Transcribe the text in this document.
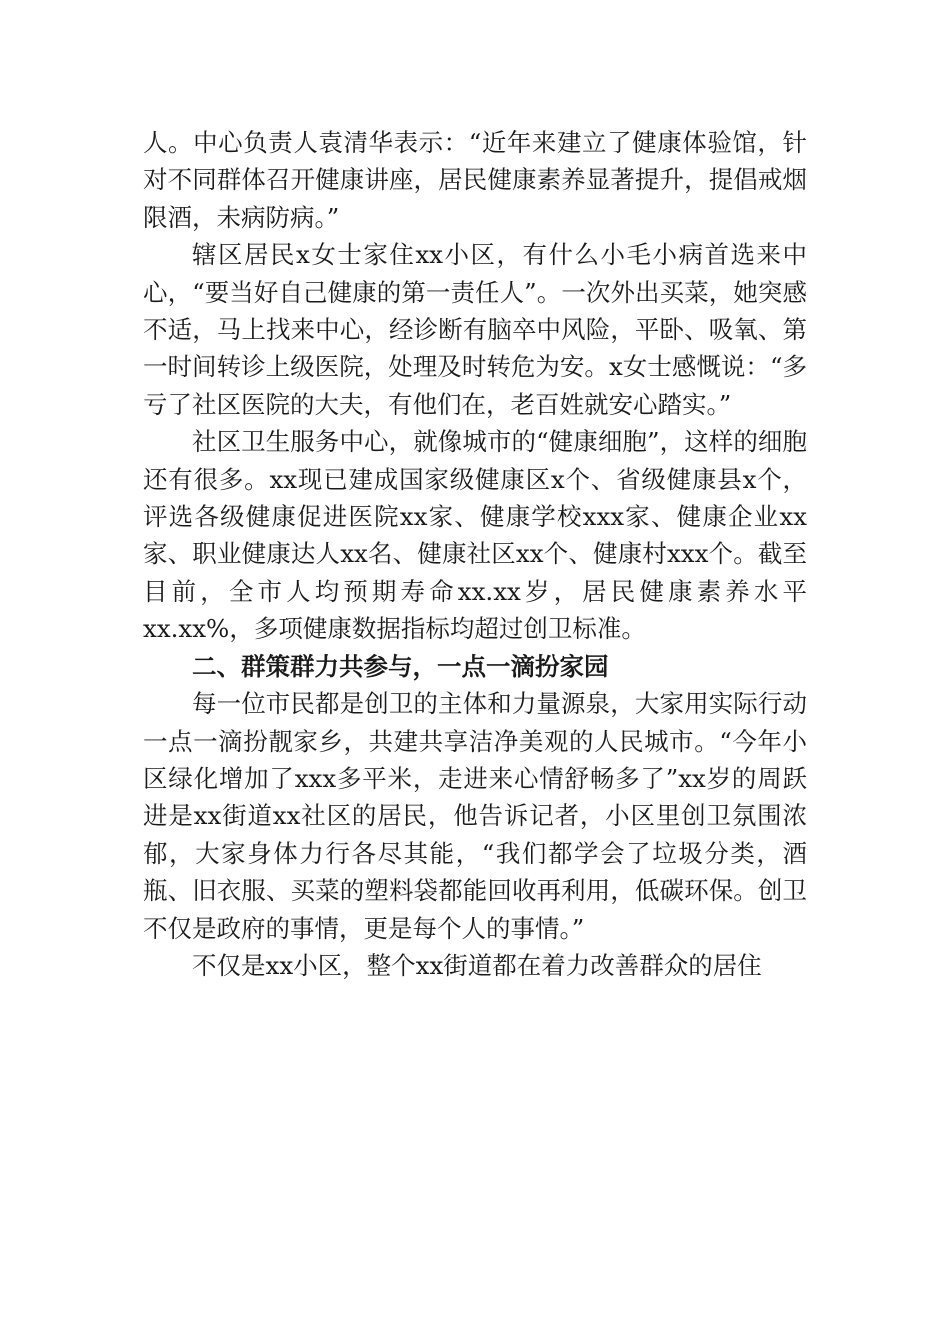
人。中心负责人袁清华表示：“近年来建立了健康体验馆，针对不同群体召开健康讲座，居民健康素养显著提升，提倡戒烟限酒，未病防病。”

辖区居民x女士家住xx小区，有什么小毛小病首选来中心，“要当好自己健康的第一责任人”。一次外出买菜，她突感不适，马上找来中心，经诊断有脑卒中风险，平卧、吸氧、第一时间转诊上级医院，处理及时转危为安。x女士感慨说：“多亏了社区医院的大夫，有他们在，老百姓就安心踏实。”

社区卫生服务中心，就像城市的“健康细胞”，这样的细胞还有很多。xx现已建成国家级健康区x个、省级健康县x个，评选各级健康促进医院xx家、健康学校xxx家、健康企业xx家、职业健康达人xx名、健康社区xx个、健康村xxx个。截至目前，全市人均预期寿命xx.xx岁，居民健康素养水平xx.xx%，多项健康数据指标均超过创卫标准。

二、群策群力共参与，一点一滴扮家园

每一位市民都是创卫的主体和力量源泉，大家用实际行动一点一滴扮靓家乡，共建共享洁净美观的人民城市。“今年小区绿化增加了xxx多平米，走进来心情舒畅多了”xx岁的周跃进是xx街道xx社区的居民，他告诉记者，小区里创卫氛围浓郁，大家身体力行各尽其能，“我们都学会了垃圾分类，酒瓶、旧衣服、买菜的塑料袋都能回收再利用，低碳环保。创卫不仅是政府的事情，更是每个人的事情。”

不仅是xx小区，整个xx街道都在着力改善群众的居住
